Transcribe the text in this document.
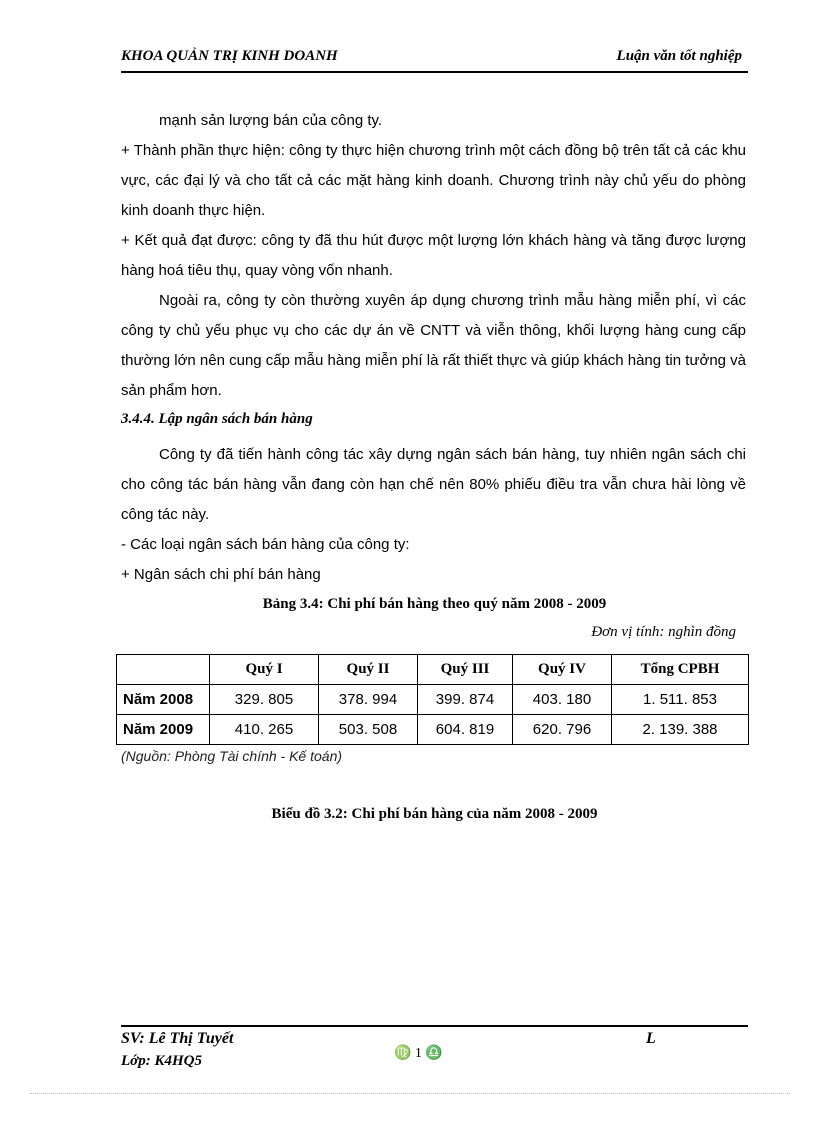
KHOA QUẢN TRỊ KINH DOANH	Luận văn tốt nghiệp
mạnh sản lượng bán của công ty.
+ Thành phần thực hiện: công ty thực hiện chương trình một cách đồng bộ trên tất cả các khu vực, các đại lý và cho tất cả các mặt hàng kinh doanh. Chương trình này chủ yếu do phòng kinh doanh thực hiện.
+ Kết quả đạt được: công ty đã thu hút được một lượng lớn khách hàng và tăng được lượng hàng hoá tiêu thụ, quay vòng vốn nhanh.
Ngoài ra, công ty còn thường xuyên áp dụng chương trình mẫu hàng miễn phí, vì các công ty chủ yếu phục vụ cho các dự án về CNTT và viễn thông, khối lượng hàng cung cấp thường lớn nên cung cấp mẫu hàng miễn phí là rất thiết thực và giúp khách hàng tin tưởng và sản phẩm hơn.
3.4.4. Lập ngân sách bán hàng
Công ty đã tiến hành công tác xây dựng ngân sách bán hàng, tuy nhiên ngân sách chi cho công tác bán hàng vẫn đang còn hạn chế nên 80% phiếu điều tra vẫn chưa hài lòng về công tác này.
- Các loại ngân sách bán hàng của công ty:
+ Ngân sách chi phí bán hàng
Bảng 3.4: Chi phí bán hàng theo quý năm 2008 - 2009
Đơn vị tính: nghìn đồng
	Quý I	Quý II	Quý III	Quý IV	Tổng CPBH
Năm 2008	329. 805	378. 994	399. 874	403. 180	1. 511. 853
Năm 2009	410. 265	503. 508	604. 819	620. 796	2. 139. 388
(Nguồn: Phòng Tài chính - Kế toán)
Biểu đồ 3.2: Chi phí bán hàng của năm 2008 - 2009
SV: Lê Thị Tuyết
Lớp: K4HQ5
L
♍ 1 ♎
